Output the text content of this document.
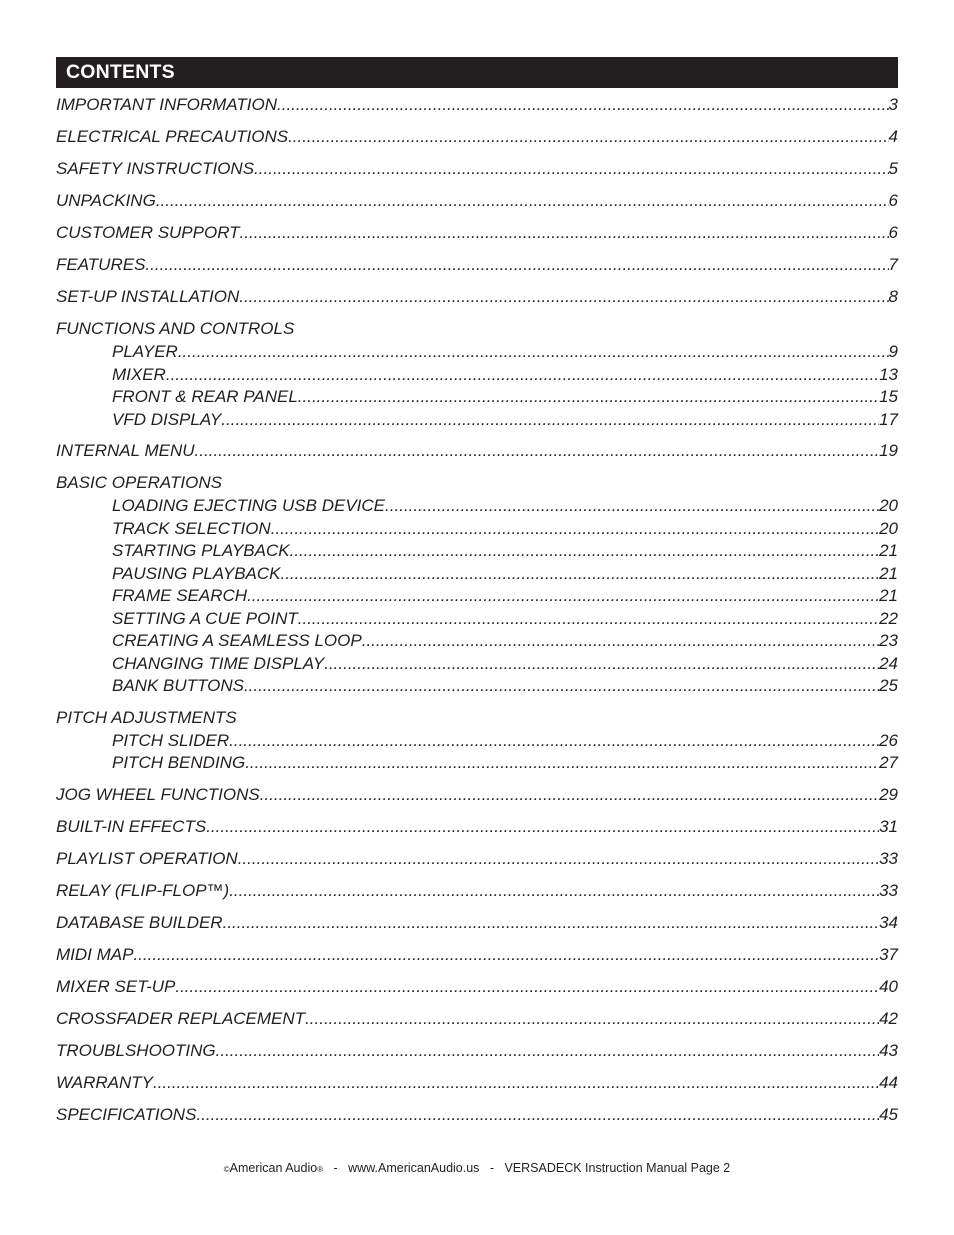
CONTENTS
IMPORTANT INFORMATION .....	3
ELECTRICAL PRECAUTIONS .....	4
SAFETY INSTRUCTIONS .....	5
UNPACKING .....	6
CUSTOMER SUPPORT .....	6
FEATURES .....	7
SET-UP INSTALLATION .....	8
FUNCTIONS AND CONTROLS
PLAYER .....	9
MIXER .....	13
FRONT & REAR PANEL .....	15
VFD DISPLAY .....	17
INTERNAL MENU .....	19
BASIC OPERATIONS
LOADING EJECTING USB DEVICE .....	20
TRACK SELECTION .....	20
STARTING PLAYBACK .....	21
PAUSING PLAYBACK .....	21
FRAME SEARCH .....	21
SETTING A CUE POINT .....	22
CREATING A SEAMLESS LOOP .....	23
CHANGING TIME DISPLAY .....	24
BANK BUTTONS .....	25
PITCH ADJUSTMENTS
PITCH SLIDER .....	26
PITCH BENDING .....	27
JOG WHEEL FUNCTIONS .....	29
BUILT-IN EFFECTS .....	31
PLAYLIST OPERATION .....	33
RELAY (FLIP-FLOP™) .....	33
DATABASE BUILDER .....	34
MIDI MAP .....	37
MIXER SET-UP .....	40
CROSSFADER REPLACEMENT .....	42
TROUBLSHOOTING .....	43
WARRANTY .....	44
SPECIFICATIONS .....	45
©American Audio® - www.AmericanAudio.us - VERSADECK Instruction Manual Page 2
